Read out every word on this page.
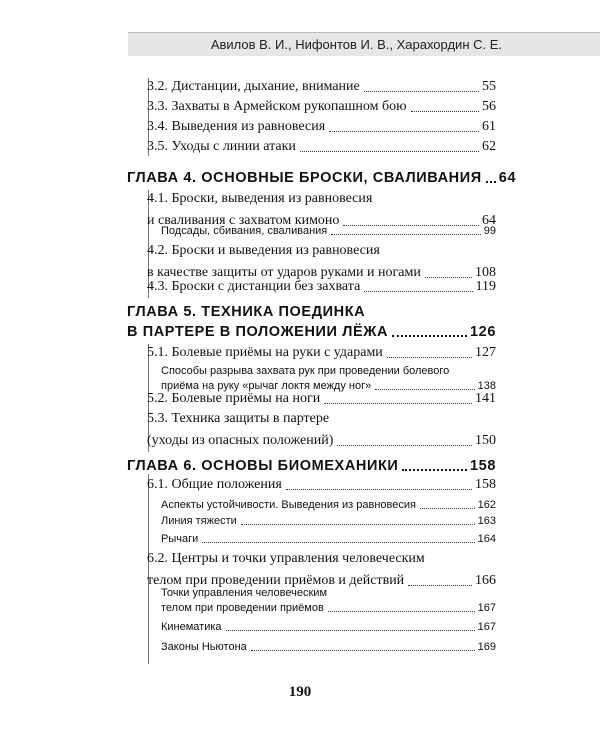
Авилов В. И., Нифонтов И. В., Харахордин С. Е.
3.2. Дистанции, дыхание, внимание	55
3.3. Захваты в Армейском рукопашном бою	56
3.4. Выведения из равновесия	61
3.5. Уходы с линии атаки	62
ГЛАВА 4. ОСНОВНЫЕ БРОСКИ, СВАЛИВАНИЯ 64
4.1. Броски, выведения из равновесия
и сваливания с захватом кимоно	64
Подсады, сбивания, сваливания	99
4.2. Броски и выведения из равновесия
в качестве защиты от ударов руками и ногами	108
4.3. Броски с дистанции без захвата	119
ГЛАВА 5. ТЕХНИКА ПОЕДИНКА
В ПАРТЕРЕ В ПОЛОЖЕНИИ ЛЁЖА	126
5.1. Болевые приёмы на руки с ударами	127
Способы разрыва захвата рук при проведении болевого
приёма на руку «рычаг локтя между ног»	138
5.2. Болевые приёмы на ноги	141
5.3. Техника защиты в партере
(уходы из опасных положений)	150
ГЛАВА 6. ОСНОВЫ БИОМЕХАНИКИ	158
6.1. Общие положения	158
Аспекты устойчивости. Выведения из равновесия	162
Линия тяжести	163
Рычаги	164
6.2. Центры и точки управления человеческим
телом при проведении приёмов и действий	166
Точки управления человеческим
телом при проведении приёмов	167
Кинематика	167
Законы Ньютона	169
190
